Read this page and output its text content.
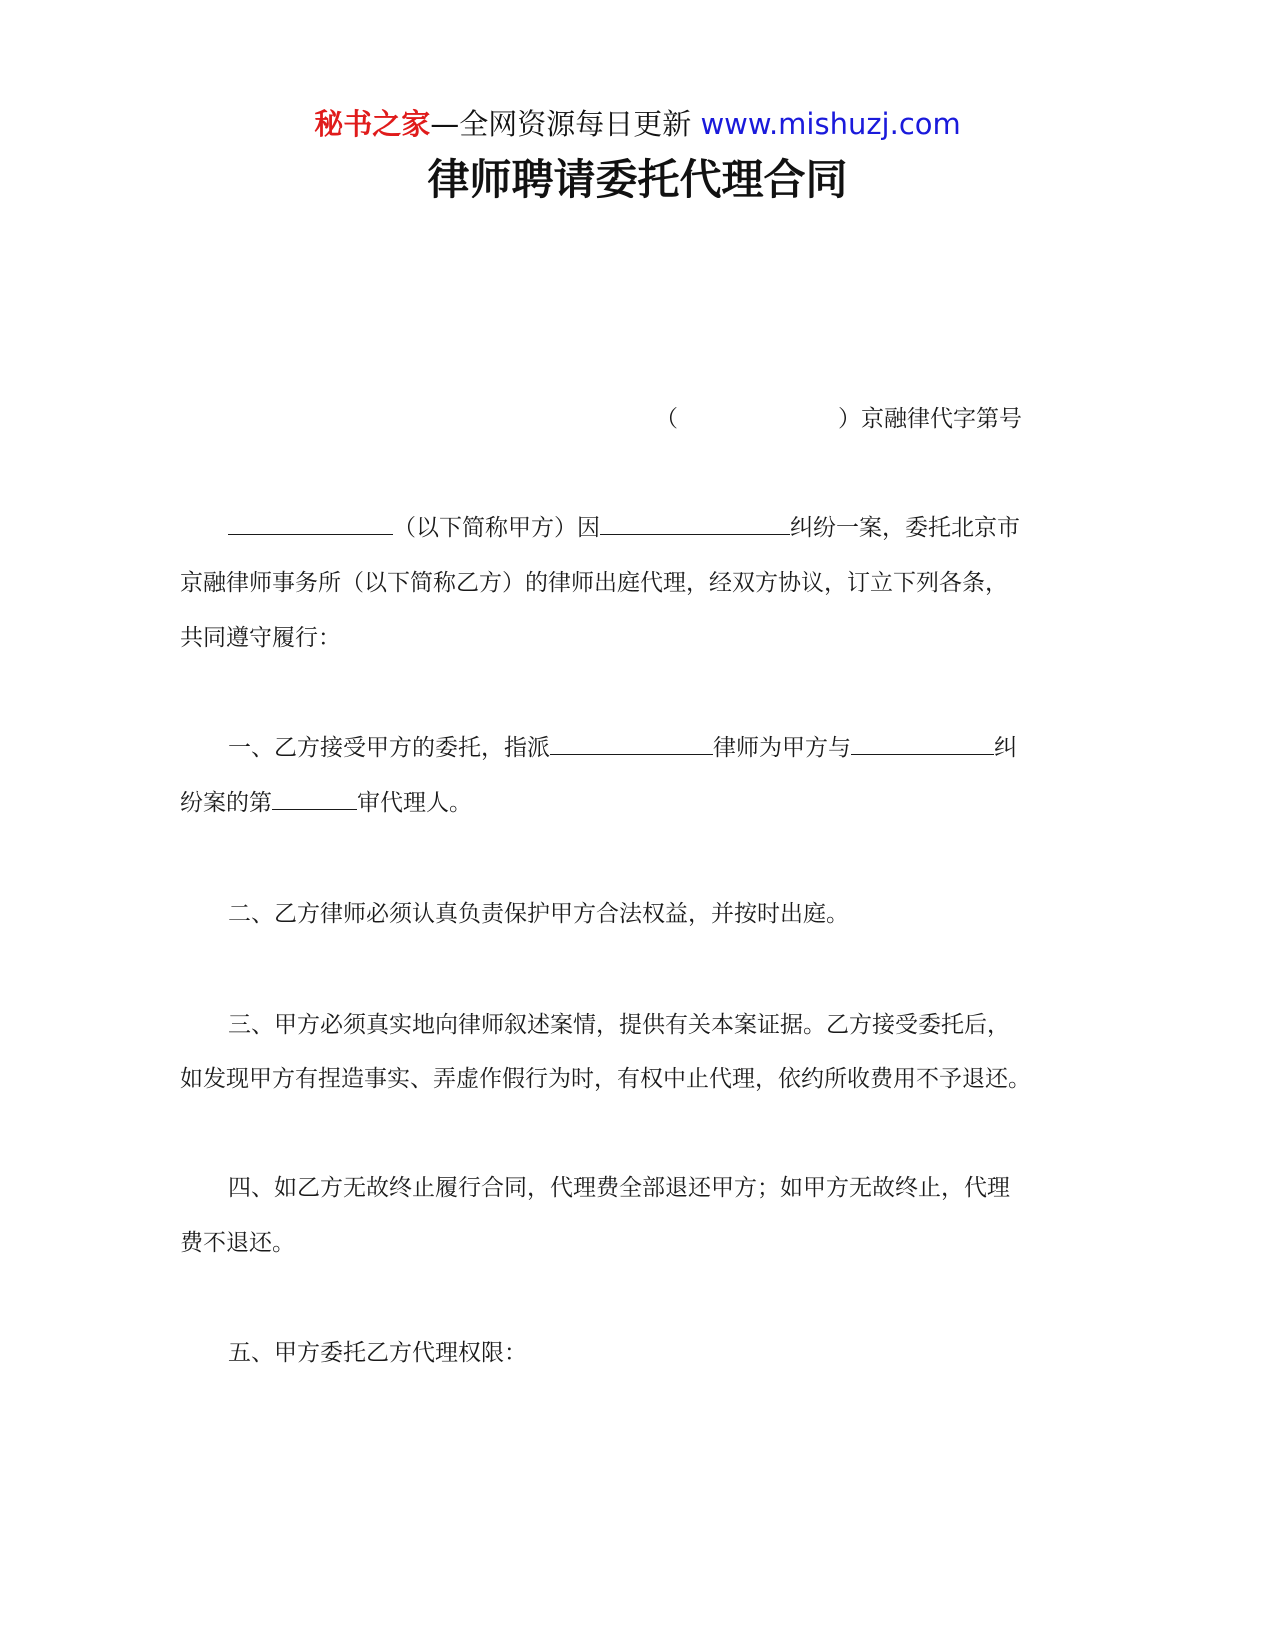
秘书之家—全网资源每日更新 www.mishuzj.com
律师聘请委托代理合同
（	）京融律代字第号
（以下简称甲方）因	纠纷一案，委托北京市
京融律师事务所（以下简称乙方）的律师出庭代理，经双方协议，订立下列各条，
共同遵守履行：
一、乙方接受甲方的委托，指派	律师为甲方与	纠
纷案的第	审代理人。
二、乙方律师必须认真负责保护甲方合法权益，并按时出庭。
三、甲方必须真实地向律师叙述案情，提供有关本案证据。乙方接受委托后，
如发现甲方有捏造事实、弄虚作假行为时，有权中止代理，依约所收费用不予退还。
四、如乙方无故终止履行合同，代理费全部退还甲方；如甲方无故终止，代理
费不退还。
五、甲方委托乙方代理权限：
